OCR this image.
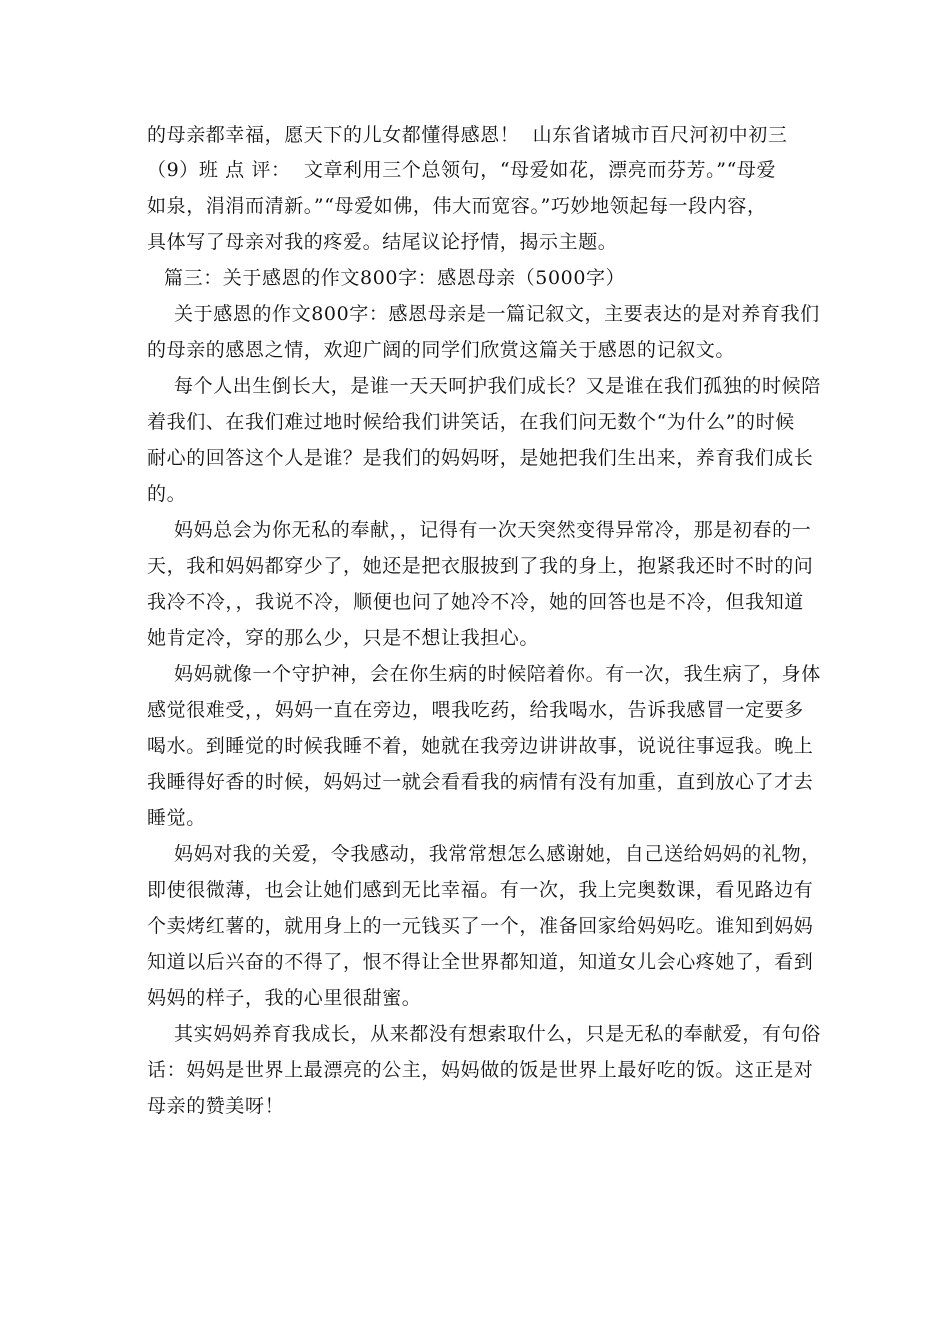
的母亲都幸福，愿天下的儿女都懂得感恩！  山东省诸城市百尺河初中初三
（9）班 点 评：  文章利用三个总领句，“母爱如花，漂亮而芬芳。”“母爱
如泉，涓涓而清新。”“母爱如佛，伟大而宽容。”巧妙地领起每一段内容，
具体写了母亲对我的疼爱。结尾议论抒情，揭示主题。
篇三：关于感恩的作文800字：感恩母亲（5000字）
关于感恩的作文800字：感恩母亲是一篇记叙文，主要表达的是对养育我们
的母亲的感恩之情，欢迎广阔的同学们欣赏这篇关于感恩的记叙文。
每个人出生倒长大，是谁一天天呵护我们成长？又是谁在我们孤独的时候陪
着我们、在我们难过地时候给我们讲笑话，在我们问无数个“为什么”的时候
耐心的回答这个人是谁？是我们的妈妈呀，是她把我们生出来，养育我们成长
的。
妈妈总会为你无私的奉献，，记得有一次天突然变得异常冷，那是初春的一
天，我和妈妈都穿少了，她还是把衣服披到了我的身上，抱紧我还时不时的问
我冷不冷，，我说不冷，顺便也问了她冷不冷，她的回答也是不冷，但我知道
她肯定冷，穿的那么少，只是不想让我担心。
妈妈就像一个守护神，会在你生病的时候陪着你。有一次，我生病了，身体
感觉很难受，，妈妈一直在旁边，喂我吃药，给我喝水，告诉我感冒一定要多
喝水。到睡觉的时候我睡不着，她就在我旁边讲讲故事，说说往事逗我。晚上
我睡得好香的时候，妈妈过一就会看看我的病情有没有加重，直到放心了才去
睡觉。
妈妈对我的关爱，令我感动，我常常想怎么感谢她，自己送给妈妈的礼物，
即使很微薄，也会让她们感到无比幸福。有一次，我上完奥数课，看见路边有
个卖烤红薯的，就用身上的一元钱买了一个，准备回家给妈妈吃。谁知到妈妈
知道以后兴奋的不得了，恨不得让全世界都知道，知道女儿会心疼她了，看到
妈妈的样子，我的心里很甜蜜。
其实妈妈养育我成长，从来都没有想索取什么，只是无私的奉献爱，有句俗
话：妈妈是世界上最漂亮的公主，妈妈做的饭是世界上最好吃的饭。这正是对
母亲的赞美呀！
